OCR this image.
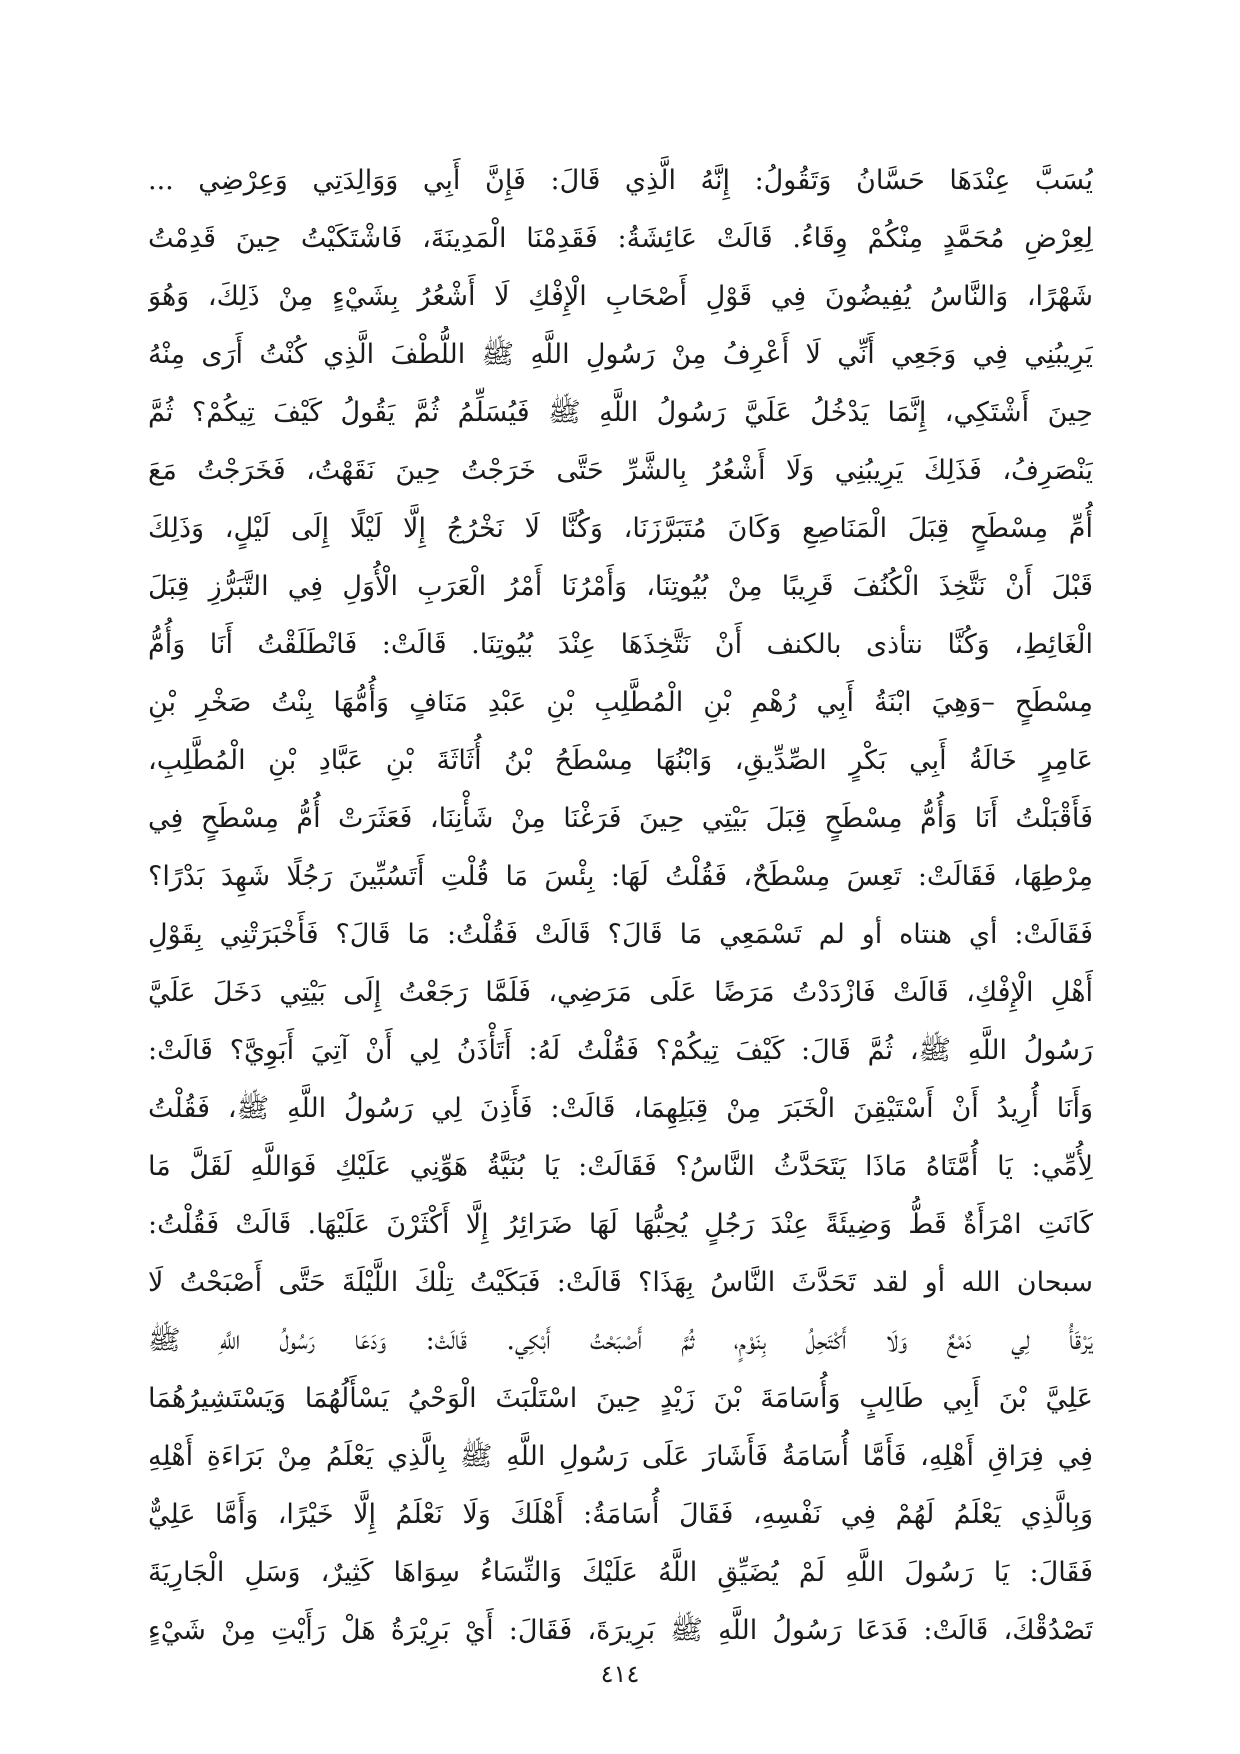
يُسَبَّ عِنْدَهَا حَسَّانُ وَتَقُولُ: إِنَّهُ الَّذِي قَالَ: فَإِنَّ أَبِي وَوَالِدَتِي وَعِرْضِي ...
لِعِرْضِ مُحَمَّدٍ مِنْكُمْ وِقَاءُ. قَالَتْ عَائِشَةُ: فَقَدِمْنَا الْمَدِينَةَ، فَاشْتَكَيْتُ حِينَ قَدِمْتُ
شَهْرًا، وَالنَّاسُ يُفِيضُونَ فِي قَوْلِ أَصْحَابِ الْإِفْكِ لَا أَشْعُرُ بِشَيْءٍ مِنْ ذَلِكَ، وَهُوَ
يَرِيبُنِي فِي وَجَعِي أَنِّي لَا أَعْرِفُ مِنْ رَسُولِ اللَّهِ ﷺ اللُّطْفَ الَّذِي كُنْتُ أَرَى مِنْهُ
حِينَ أَشْتَكِي، إِنَّمَا يَدْخُلُ عَلَيَّ رَسُولُ اللَّهِ ﷺ فَيُسَلِّمُ ثُمَّ يَقُولُ كَيْفَ تِيكُمْ؟ ثُمَّ
يَنْصَرِفُ، فَذَلِكَ يَرِيبُنِي وَلَا أَشْعُرُ بِالشَّرِّ حَتَّى خَرَجْتُ حِينَ نَقَهْتُ، فَخَرَجْتُ مَعَ
أُمِّ مِسْطَحٍ قِبَلَ الْمَنَاصِعِ وَكَانَ مُتَبَرَّزَنَا، وَكُنَّا لَا نَخْرُجُ إِلَّا لَيْلًا إِلَى لَيْلٍ، وَذَلِكَ
قَبْلَ أَنْ نَتَّخِذَ الْكُنُفَ قَرِيبًا مِنْ بُيُوتِنَا، وَأَمْرُنَا أَمْرُ الْعَرَبِ الْأُوَلِ فِي التَّبَرُّزِ قِبَلَ
الْغَائِطِ، وَكُنَّا نتأذى بالكنف أَنْ نَتَّخِذَهَا عِنْدَ بُيُوتِنَا. قَالَتْ: فَانْطَلَقْتُ أَنَا وَأُمُّ
مِسْطَحٍ –وَهِيَ ابْنَةُ أَبِي رُهْمِ بْنِ الْمُطَّلِبِ بْنِ عَبْدِ مَنَافٍ وَأُمُّهَا بِنْتُ صَخْرِ بْنِ
عَامِرٍ خَالَةُ أَبِي بَكْرٍ الصِّدِّيقِ، وَابْنُهَا مِسْطَحُ بْنُ أُثَاثَةَ بْنِ عَبَّادِ بْنِ الْمُطَّلِبِ،
فَأَقْبَلْتُ أَنَا وَأُمُّ مِسْطَحٍ قِبَلَ بَيْتِي حِينَ فَرَغْنَا مِنْ شَأْنِنَا، فَعَثَرَتْ أُمُّ مِسْطَحٍ فِي
مِرْطِهَا، فَقَالَتْ: تَعِسَ مِسْطَحٌ، فَقُلْتُ لَهَا: بِئْسَ مَا قُلْتِ أَتَسُبِّينَ رَجُلًا شَهِدَ بَدْرًا؟
فَقَالَتْ: أي هنتاه أو لم تَسْمَعِي مَا قَالَ؟ قَالَتْ فَقُلْتُ: مَا قَالَ؟ فَأَخْبَرَتْنِي بِقَوْلِ
أَهْلِ الْإِفْكِ، قَالَتْ فَازْدَدْتُ مَرَضًا عَلَى مَرَضِي، فَلَمَّا رَجَعْتُ إِلَى بَيْتِي دَخَلَ عَلَيَّ
رَسُولُ اللَّهِ ﷺ، ثُمَّ قَالَ: كَيْفَ تِيكُمْ؟ فَقُلْتُ لَهُ: أَتَأْذَنُ لِي أَنْ آتِيَ أَبَوِيَّ؟ قَالَتْ:
وَأَنَا أُرِيدُ أَنْ أَسْتَيْقِنَ الْخَبَرَ مِنْ قِبَلِهِمَا، قَالَتْ: فَأَذِنَ لِي رَسُولُ اللَّهِ ﷺ، فَقُلْتُ
لِأُمِّي: يَا أُمَّتَاهُ مَاذَا يَتَحَدَّثُ النَّاسُ؟ فَقَالَتْ: يَا بُنَيَّةُ هَوِّنِي عَلَيْكِ فَوَاللَّهِ لَقَلَّ مَا
كَانَتِ امْرَأَةٌ قَطُّ وَضِيئَةً عِنْدَ رَجُلٍ يُحِبُّهَا لَهَا ضَرَائِرُ إِلَّا أَكْثَرْنَ عَلَيْهَا. قَالَتْ فَقُلْتُ:
سبحان الله أو لقد تَحَدَّثَ النَّاسُ بِهَذَا؟ قَالَتْ: فَبَكَيْتُ تِلْكَ اللَّيْلَةَ حَتَّى أَصْبَحْتُ لَا
يَرْقَأُ لِي دَمْعٌ وَلَا أَكْتَحِلُ بِنَوْمٍ، ثُمَّ أَصْبَحْتُ أَبْكِي. قَالَتْ: وَدَعَا رَسُولُ اللَّهِ ﷺ
عَلِيَّ بْنَ أَبِي طَالِبٍ وَأُسَامَةَ بْنَ زَيْدٍ حِينَ اسْتَلْبَثَ الْوَحْيُ يَسْأَلُهُمَا وَيَسْتَشِيرُهُمَا
فِي فِرَاقِ أَهْلِهِ، فَأَمَّا أُسَامَةُ فَأَشَارَ عَلَى رَسُولِ اللَّهِ ﷺ بِالَّذِي يَعْلَمُ مِنْ بَرَاءَةِ أَهْلِهِ
وَبِالَّذِي يَعْلَمُ لَهُمْ فِي نَفْسِهِ، فَقَالَ أُسَامَةُ: أَهْلَكَ وَلَا نَعْلَمُ إِلَّا خَيْرًا، وَأَمَّا عَلِيٌّ
فَقَالَ: يَا رَسُولَ اللَّهِ لَمْ يُضَيِّقِ اللَّهُ عَلَيْكَ وَالنِّسَاءُ سِوَاهَا كَثِيرٌ، وَسَلِ الْجَارِيَةَ
تَصْدُقْكَ، قَالَتْ: فَدَعَا رَسُولُ اللَّهِ ﷺ بَرِيرَةَ، فَقَالَ: أَيْ بَرِيْرَةُ هَلْ رَأَيْتِ مِنْ شَيْءٍ
٤١٤
